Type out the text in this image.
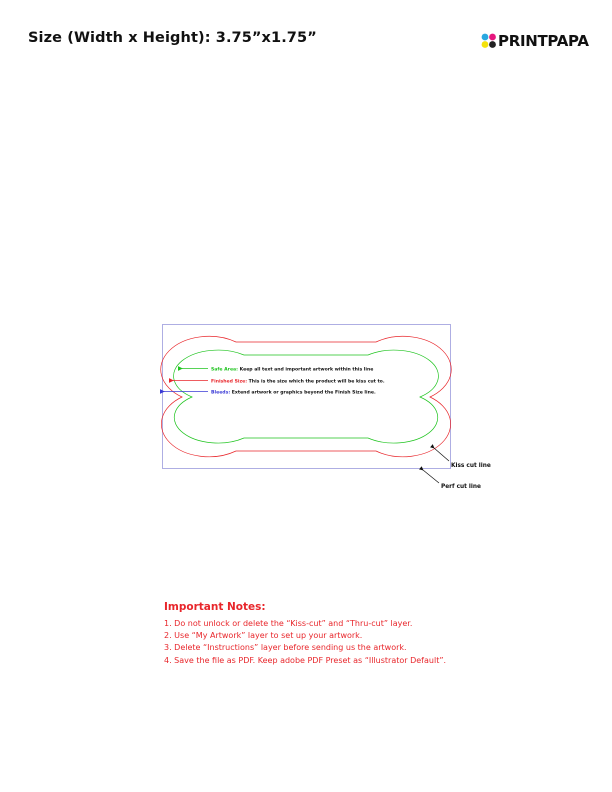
Size (Width x Height): 3.75”x1.75”	PRINTPAPA
Safe Area: Keep all text and important artwork within this line
Finished Size: This is the size which the product will be kiss cut to.
Bleeds: Extend artwork or graphics beyond the Finish Size line.
Kiss cut line
Perf cut line
Important Notes:
1. Do not unlock or delete the “Kiss-cut” and “Thru-cut” layer.
2. Use “My Artwork” layer to set up your artwork.
3. Delete “Instructions” layer before sending us the artwork.
4. Save the file as PDF. Keep adobe PDF Preset as “Illustrator Default”.
